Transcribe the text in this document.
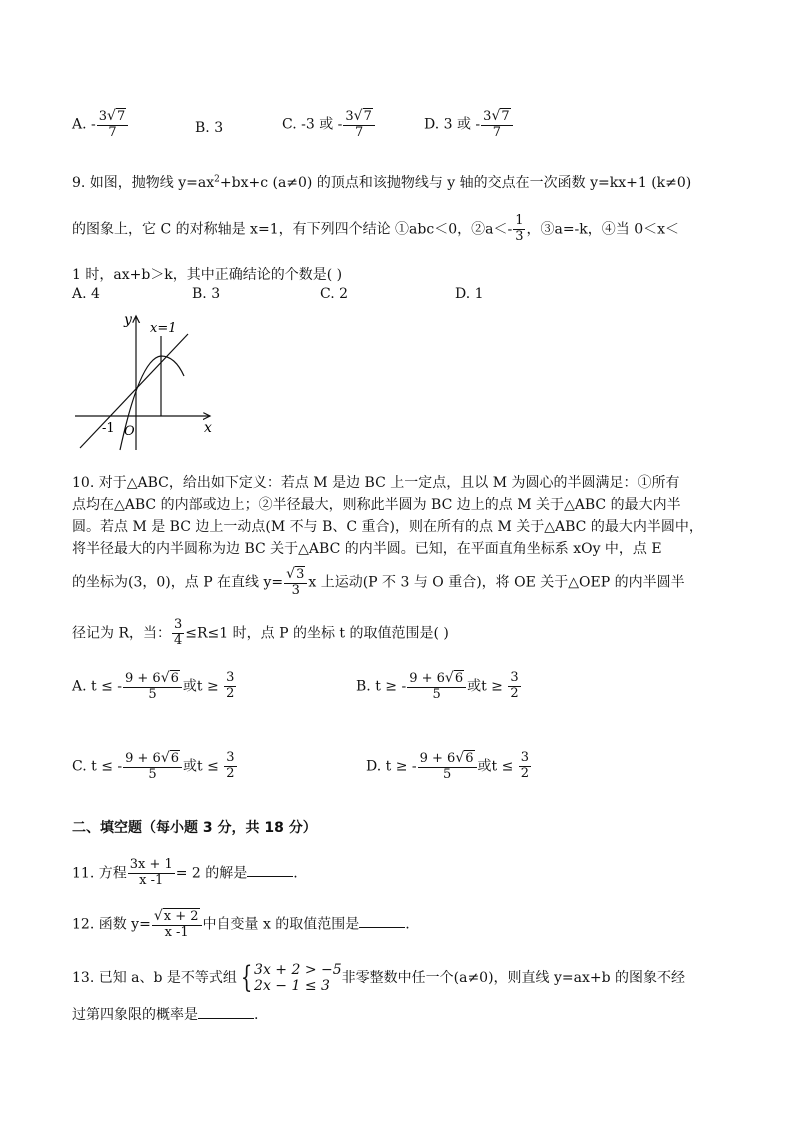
A. - $\frac{3√7}{7}$	B. 3	C. -3 或 - $\frac{3√7}{7}$	D. 3 或 - $\frac{3√7}{7}$
9. 如图，抛物线 $y=ax^2+bx+c$ (a≠0) 的顶点和该抛物线与 y 轴的交点在一次函数 y=kx+1 (k≠0)
的图象上，它 C 的对称轴是 x=1，有下列四个结论 ①abc＜0，②a＜- $\frac{1}{3}$ ，③a=-k，④当 0＜x＜
1 时，ax+b＞k，其中正确结论的个数是( )
A. 4	B. 3	C. 2	D. 1
y
x
x=1
-1 O
10. 对于△ABC，给出如下定义：若点 M 是边 BC 上一定点，且以 M 为圆心的半圆满足：①所有
点均在△ABC 的内部或边上；②半径最大，则称此半圆为 BC 边上的点 M 关于△ABC 的最大内半
圆。若点 M 是 BC 边上一动点(M 不与 B、C 重合)，则在所有的点 M 关于△ABC 的最大内半圆中，
将半径最大的内半圆称为边 BC 关于△ABC 的内半圆。已知，在平面直角坐标系 xOy 中，点 E
的坐标为(3，0)，点 P 在直线 $y= \frac{√3}{3}$ x 上运动(P 不 3 与 O 重合)，将 OE 关于△OEP 的内半圆半
径记为 R，当： $\frac{3}{4} \le R\le 1$ 时，点 P 的坐标 t 的取值范围是( )
A. t ≤ - $\frac{9 + 6√6}{5}$ 或$t \ge \frac{3}{2}$	B. t ≥ - $\frac{9 + 6√6}{5}$ 或$t \ge \frac{3}{2}$
C. t ≤ - $\frac{9 + 6√6}{5}$ 或$t \le \frac{3}{2}$	D. t ≥ - $\frac{9 + 6√6}{5}$ 或$t \le \frac{3}{2}$
二、填空题（每小题 3 分，共 18 分）
11. 方程 $\frac{3x + 1}{x -1} = 2$ 的解是	.
12. 函数 $y= \frac{√x + 2}{x -1}$ 中自变量 x 的取值范围是	.
13. 已知 a、b 是不等式组 { 3x + 2 > −5
2x − 1 ≤ 3 非零整数中任一个(a≠0)，则直线 y=ax+b 的图象不经
过第四象限的概率是	.
